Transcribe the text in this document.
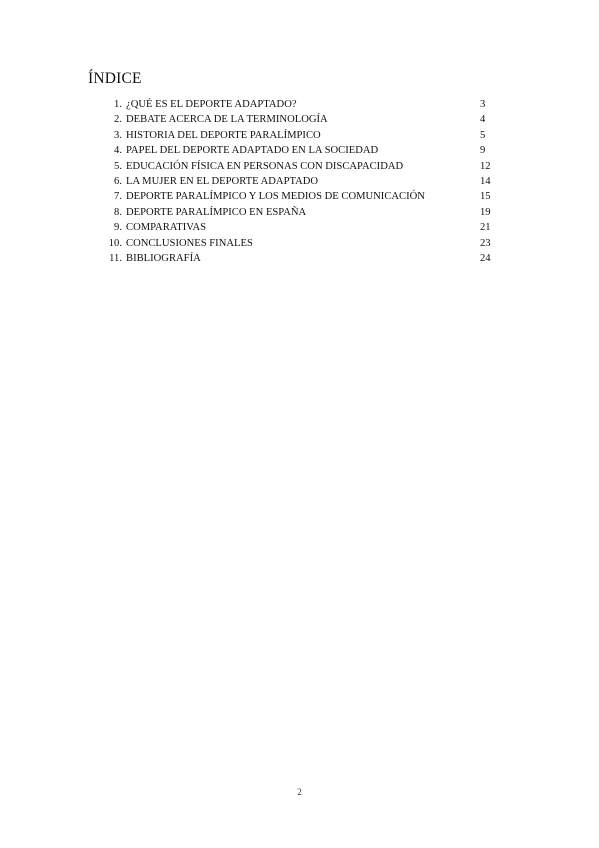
ÍNDICE
1. ¿QUÉ ES EL DEPORTE ADAPTADO?	3
2. DEBATE ACERCA DE LA TERMINOLOGÍA	4
3. HISTORIA DEL DEPORTE PARALÍMPICO	5
4. PAPEL DEL DEPORTE ADAPTADO EN LA SOCIEDAD	9
5. EDUCACIÓN FÍSICA EN PERSONAS CON DISCAPACIDAD	12
6. LA MUJER EN EL DEPORTE ADAPTADO	14
7. DEPORTE PARALÍMPICO Y LOS MEDIOS DE COMUNICACIÓN	15
8. DEPORTE PARALÍMPICO EN ESPAÑA	19
9. COMPARATIVAS	21
10. CONCLUSIONES FINALES	23
11. BIBLIOGRAFÍA	24
2
